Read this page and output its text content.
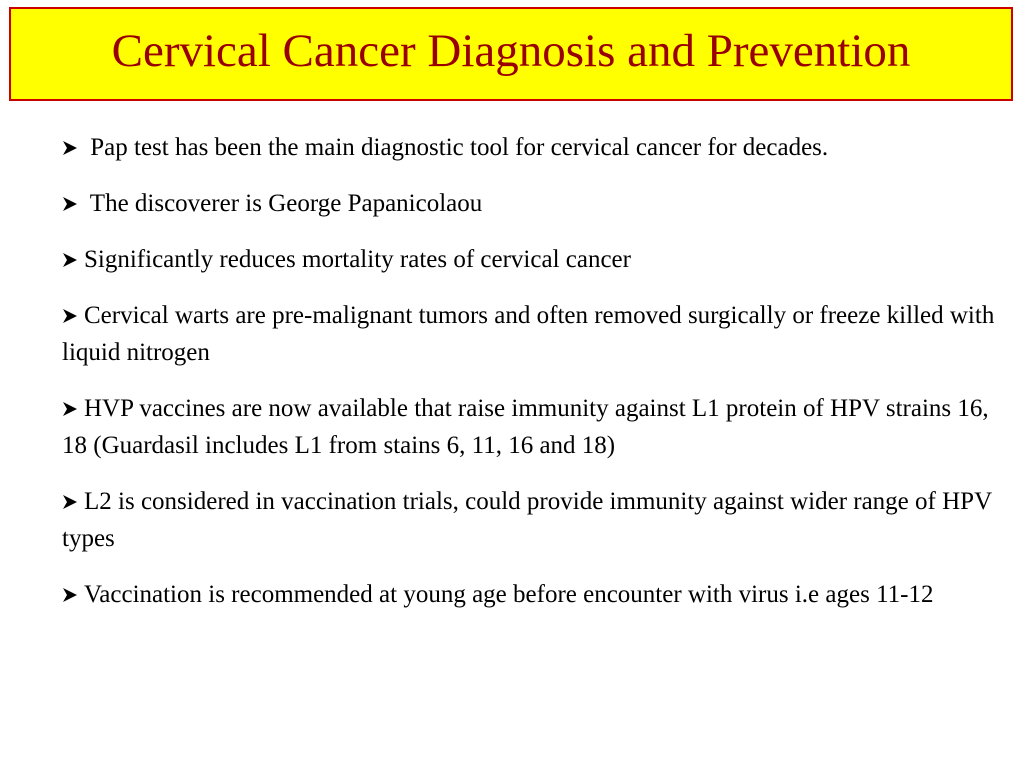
Cervical Cancer Diagnosis and Prevention

Pap test has been the main diagnostic tool for cervical cancer for decades.

The discoverer is George Papanicolaou

Significantly reduces mortality rates of cervical cancer

Cervical warts are pre-malignant tumors and often removed surgically or freeze killed with liquid nitrogen

HVP vaccines are now available that raise immunity against L1 protein of HPV strains 16, 18 (Guardasil includes L1 from stains 6, 11, 16 and 18)

L2 is considered in vaccination trials, could provide immunity against wider range of HPV types

Vaccination is recommended at young age before encounter with virus i.e ages 11-12
